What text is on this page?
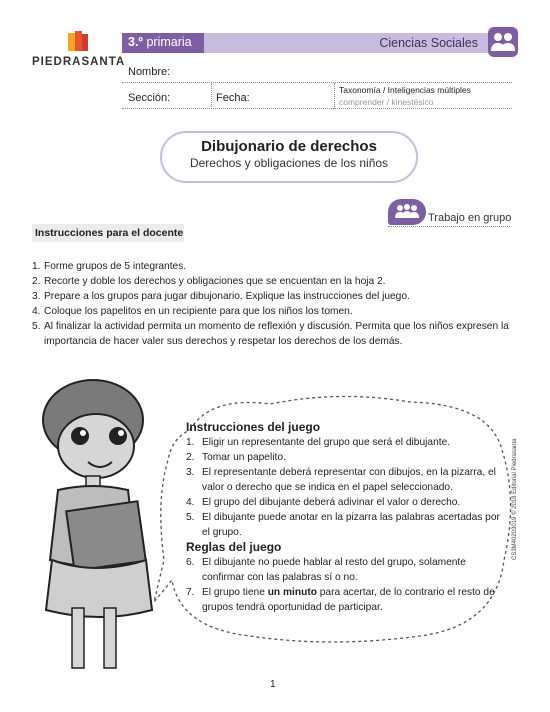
PIEDRASANTA
3.º primaria	Ciencias Sociales
Nombre:
Sección:	Fecha:
Taxonomía / Inteligencias múltiples
comprender / kinestésico
Dibujonario de derechos
Derechos y obligaciones de los niños
Trabajo en grupo
Instrucciones para el docente
1. Forme grupos de 5 integrantes.
2. Recorte y doble los derechos y obligaciones que se encuentan en la hoja 2.
3. Prepare a los grupos para jugar dibujonario. Explique las instrucciones del juego.
4. Coloque los papelitos en un recipiente para que los niños los tomen.
5. Al finalizar la actividad permita un momento de reflexión y discusión. Permita que los niños expresen la importancia de hacer valer sus derechos y respetar los derechos de los demás.
Instrucciones del juego
1. Eligir un representante del grupo que será el dibujante.
2. Tomar un papelito.
3. El representante deberá representar con dibujos, en la pizarra, el valor o derecho que se indica en el papel seleccionado.
4. El grupo del dibujante deberá adivinar el valor o derecho.
5. El dibujante puede anotar en la pizarra las palabras acertadas por el grupo.
Reglas del juego
6. El dibujante no puede hablar al resto del grupo, solamente confirmar con las palabras sí o no.
7. El grupo tiene un minuto para acertar, de lo contrario el resto de grupos tendrá oportunidad de participar.
1
CS3M40203019 © 2018 Editorial Piedrasanta
